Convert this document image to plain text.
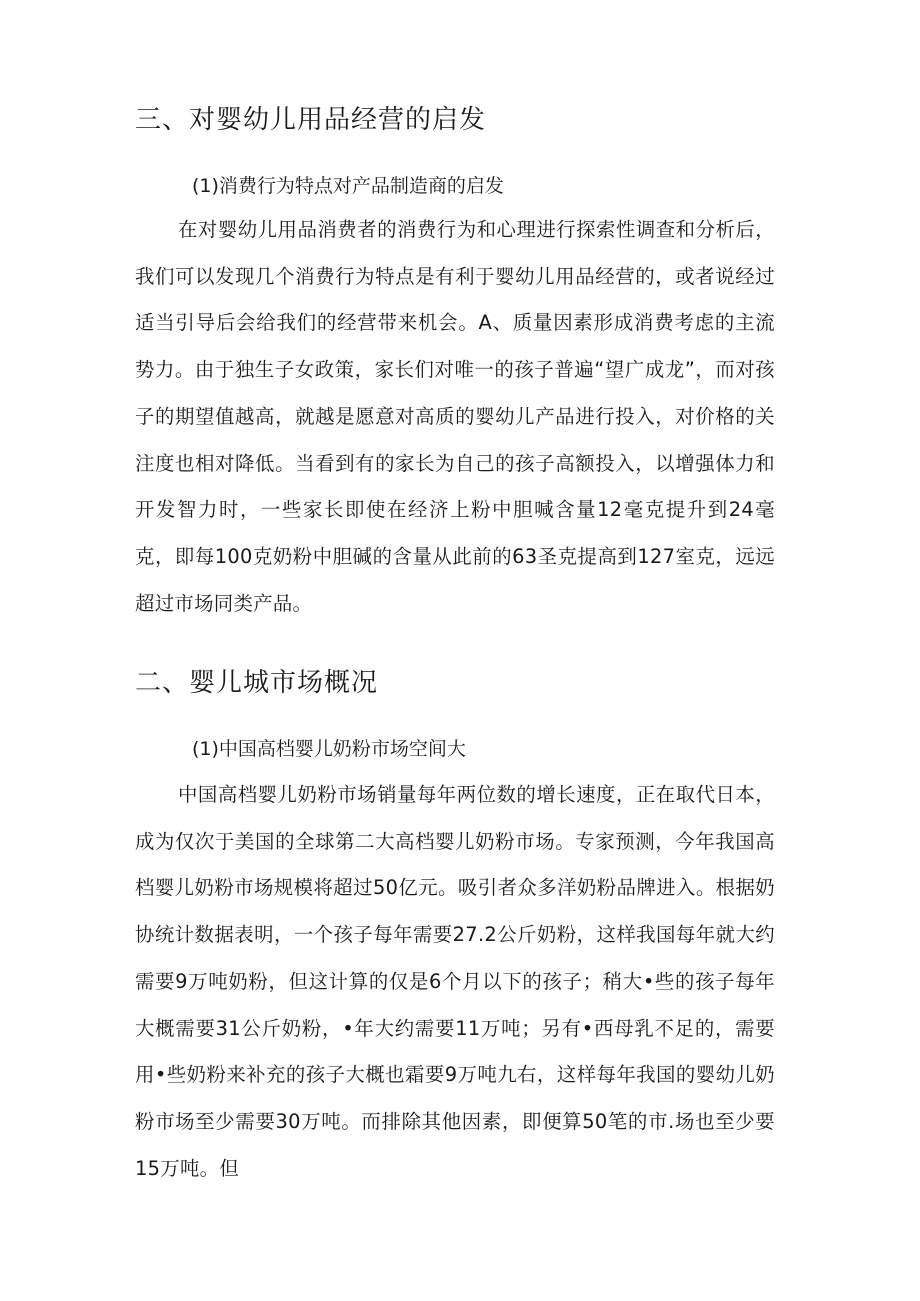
三、对婴幼儿用品经营的启发
(1)消费行为特点对产品制造商的启发

在对婴幼儿用品消费者的消费行为和心理进行探索性调查和分析后，我们可以发现几个消费行为特点是有利于婴幼儿用品经营的，或者说经过适当引导后会给我们的经营带来机会。A、质量因素形成消费考虑的主流势力。由于独生子女政策，家长们对唯一的孩子普遍“望广成龙”，而对孩子的期望值越高，就越是愿意对高质的婴幼儿产品进行投入，对价格的关注度也相对降低。当看到有的家长为自己的孩子高额投入，以增强体力和开发智力时，一些家长即使在经济上粉中胆喊含量12毫克提升到24毫克，即每100克奶粉中胆碱的含量从此前的63圣克提高到127室克，远远超过市场同类产品。

二、婴儿城市场概况
(1)中国高档婴儿奶粉市场空间大

中国高档婴儿奶粉市场销量每年两位数的增长速度，正在取代日本，成为仅次于美国的全球第二大高档婴儿奶粉市场。专家预测，今年我国高档婴儿奶粉市场规模将超过50亿元。吸引者众多洋奶粉品牌进入。根据奶协统计数据表明，一个孩子每年需要27.2公斤奶粉，这样我国每年就大约需要9万吨奶粉，但这计算的仅是6个月以下的孩子；稍大•些的孩子每年大概需要31公斤奶粉，•年大约需要11万吨；另有•西母乳不足的，需要用•些奶粉来补充的孩子大概也霜要9万吨九右，这样每年我国的婴幼儿奶粉市场至少需要30万吨。而排除其他因素，即便算50笔的市.场也至少要15万吨。但
